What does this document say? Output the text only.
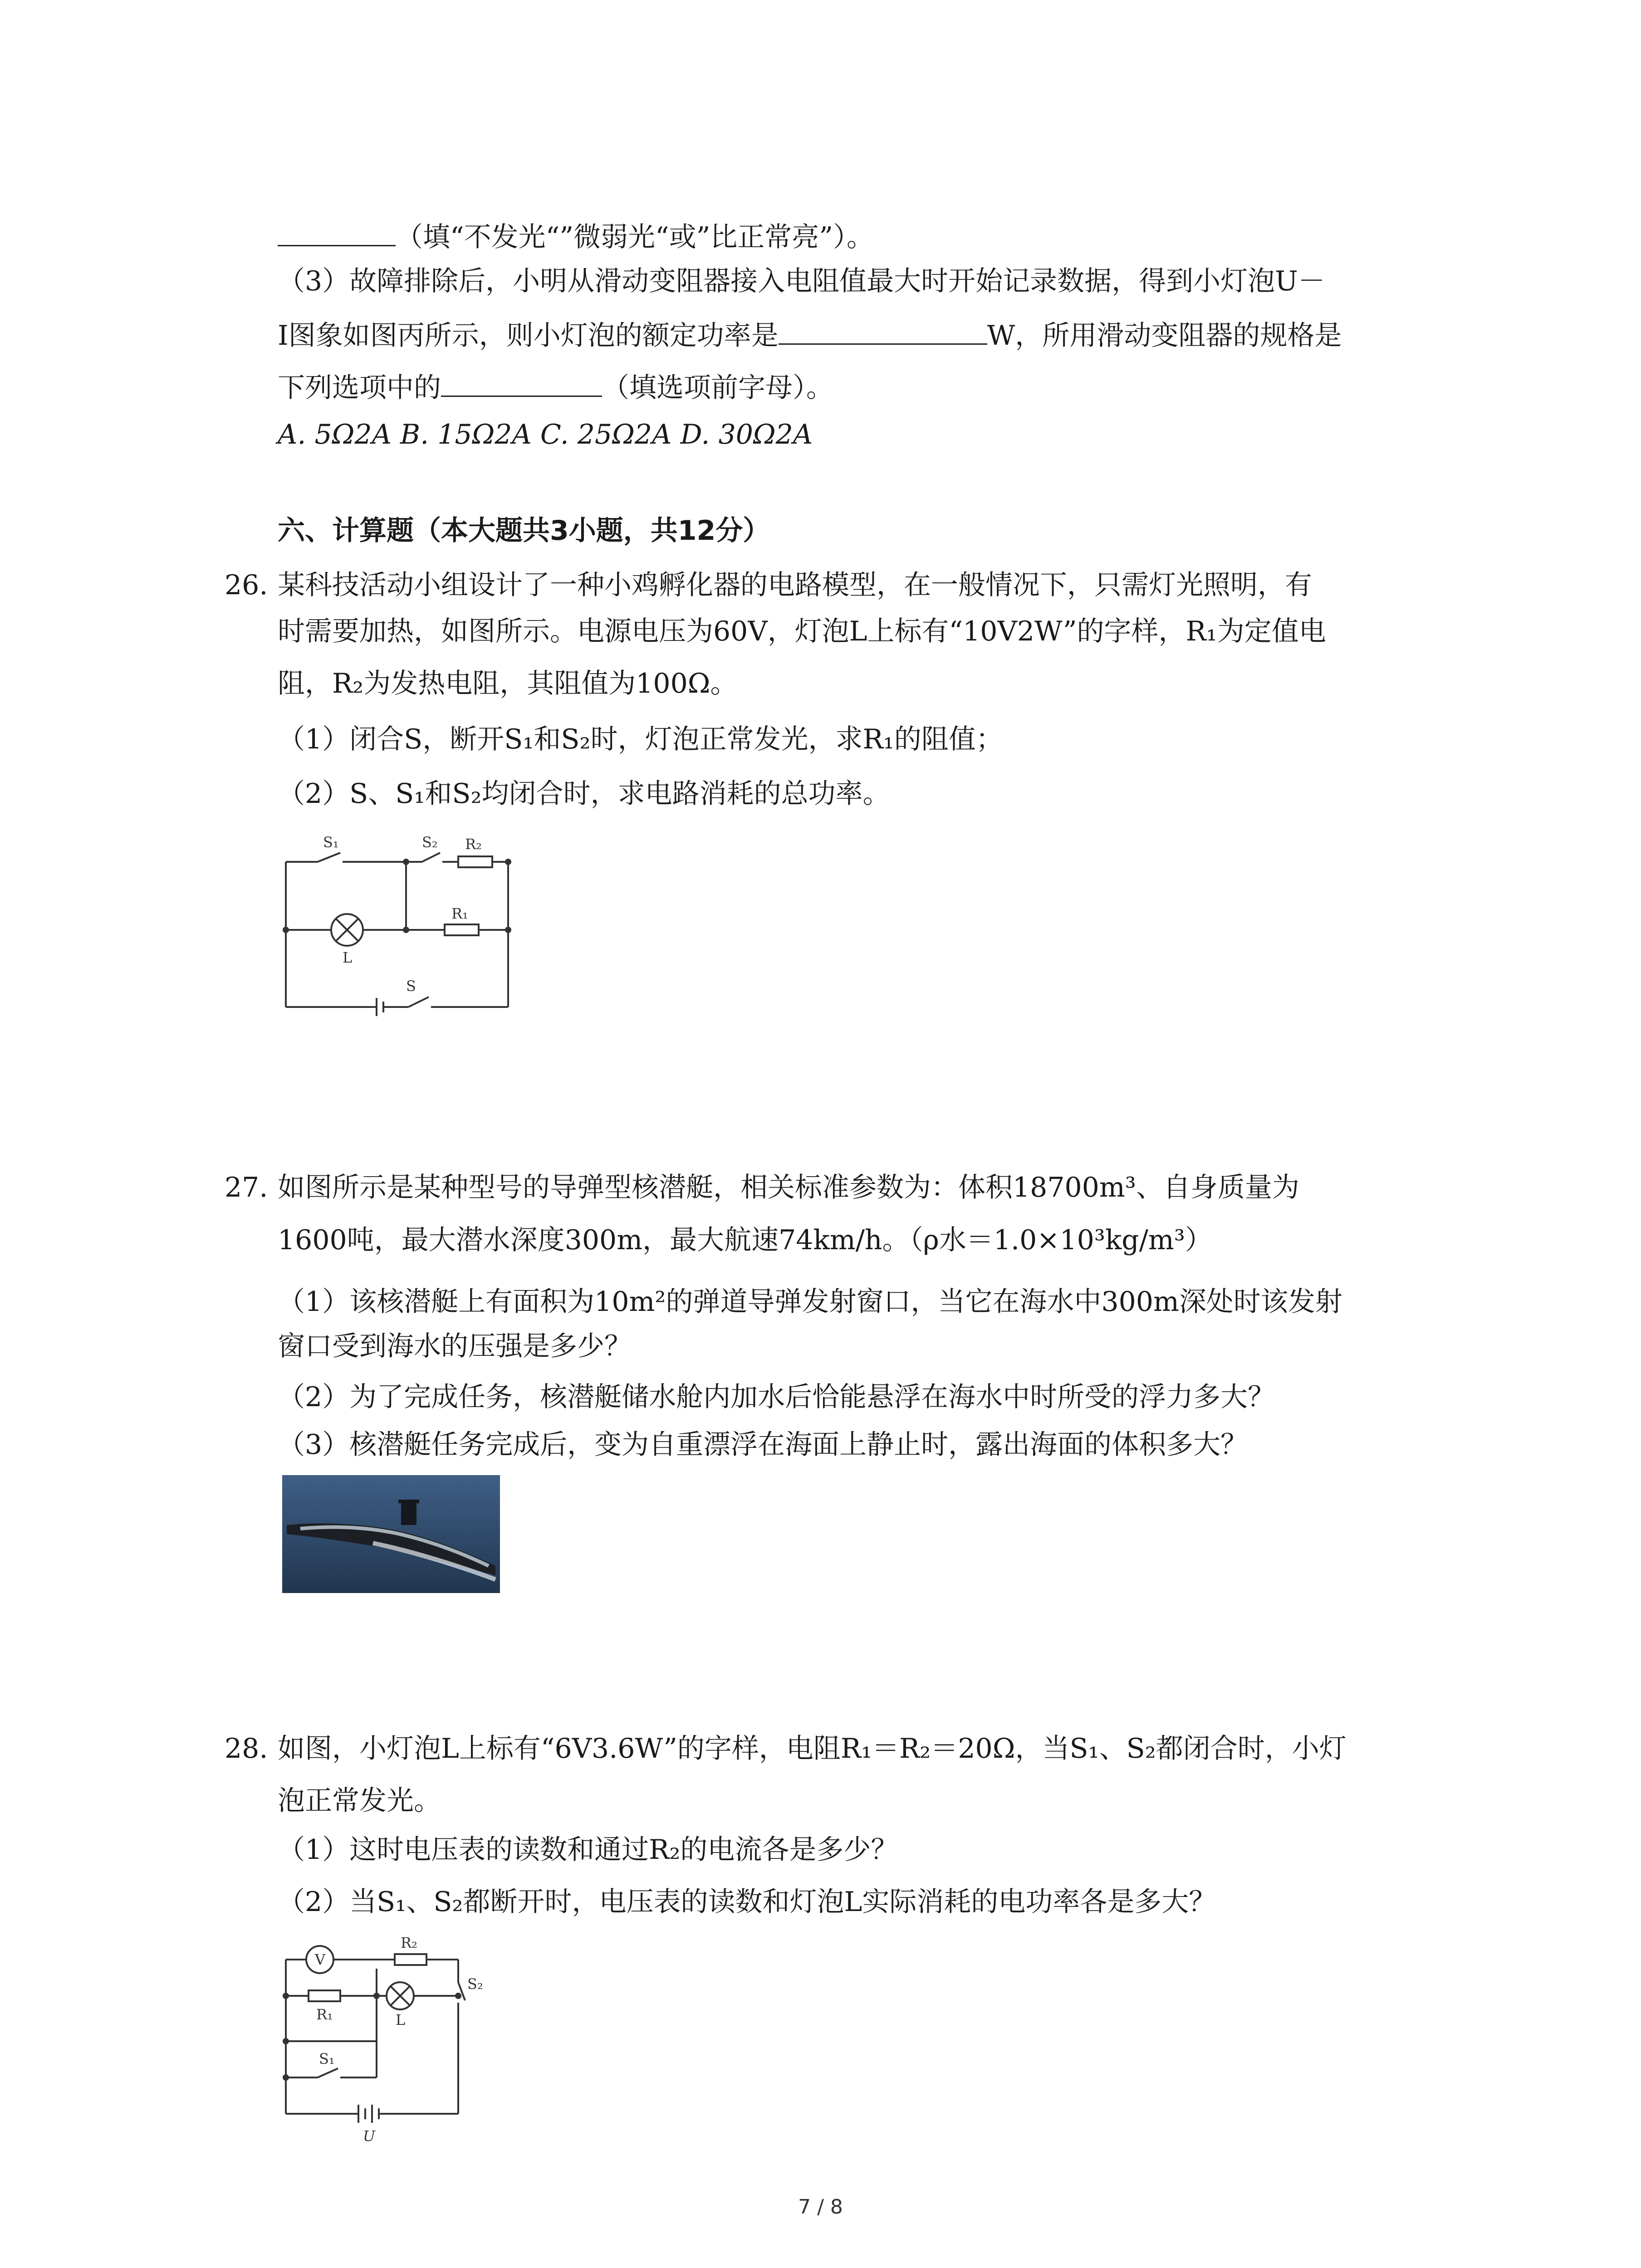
（填“不发光“”微弱光“或”比正常亮”）。
（3）故障排除后，小明从滑动变阻器接入电阻值最大时开始记录数据，得到小灯泡U－
I图象如图丙所示，则小灯泡的额定功率是	W，所用滑动变阻器的规格是
下列选项中的	（填选项前字母）。
A. 5Ω2A B. 15Ω2A C. 25Ω2A D. 30Ω2A
六、计算题（本大题共3小题，共12分）
26. 某科技活动小组设计了一种小鸡孵化器的电路模型，在一般情况下，只需灯光照明，有
时需要加热，如图所示。电源电压为60V，灯泡L上标有“10V2W”的字样，R₁为定值电
阻，R₂为发热电阻，其阻值为100Ω。
（1）闭合S，断开S₁和S₂时，灯泡正常发光，求R₁的阻值；
（2）S、S₁和S₂均闭合时，求电路消耗的总功率。
S₁	S₂ R₂
R₁
L
S
27. 如图所示是某种型号的导弹型核潜艇，相关标准参数为：体积18700m³、自身质量为
1600吨，最大潜水深度300m，最大航速74km/h。（ρ水＝1.0×10³kg/m³）
（1）该核潜艇上有面积为10m²的弹道导弹发射窗口，当它在海水中300m深处时该发射
窗口受到海水的压强是多少？
（2）为了完成任务，核潜艇储水舱内加水后恰能悬浮在海水中时所受的浮力多大？
（3）核潜艇任务完成后，变为自重漂浮在海面上静止时，露出海面的体积多大？
28. 如图，小灯泡L上标有“6V3.6W”的字样，电阻R₁＝R₂＝20Ω，当S₁、S₂都闭合时，小灯
泡正常发光。
（1）这时电压表的读数和通过R₂的电流各是多少？
（2）当S₁、S₂都断开时，电压表的读数和灯泡L实际消耗的电功率各是多大？
V
R₂
R₁	L
S₁
S₂
U
7 / 8
